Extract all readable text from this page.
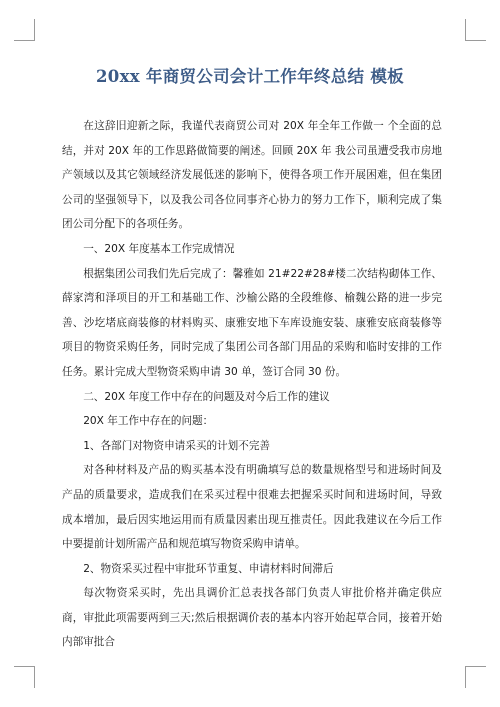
20xx 年商贸公司会计工作年终总结 模板

在这辞旧迎新之际，我谨代表商贸公司对 20X 年全年工作做一 个全面的总结，并对 20X 年的工作思路做简要的阐述。回顾 20X 年 我公司虽遭受我市房地产领域以及其它领域经济发展低迷的影响下，使得各项工作开展困难，但在集团公司的坚强领导下，以及我公司各位同事齐心协力的努力工作下，顺利完成了集团公司分配下的各项任务。

一、20X 年度基本工作完成情况

根据集团公司我们先后完成了：馨雅如 21#22#28#楼二次结构砌体工作、薛家湾和泽项目的开工和基础工作、沙榆公路的全段维修、榆魏公路的进一步完善、沙圪堵底商装修的材料购买、康雅安地下车库设施安装、康雅安底商装修等项目的物资采购任务，同时完成了集团公司各部门用品的采购和临时安排的工作任务。累计完成大型物资采购申请 30 单，签订合同 30 份。

二、20X 年度工作中存在的问题及对今后工作的建议

20X 年工作中存在的问题：

1、各部门对物资申请采买的计划不完善

对各种材料及产品的购买基本没有明确填写总的数量规格型号和进场时间及产品的质量要求，造成我们在采买过程中很难去把握采买时间和进场时间，导致成本增加，最后因实地运用而有质量因素出现互推责任。因此我建议在今后工作中要提前计划所需产品和规范填写物资采购申请单。

2、物资采买过程中审批环节重复、申请材料时间滞后

每次物资采买时，先出具调价汇总表找各部门负责人审批价格并确定供应商，审批此项需要两到三天;然后根据调价表的基本内容开始起草合同，接着开始内部审批合
